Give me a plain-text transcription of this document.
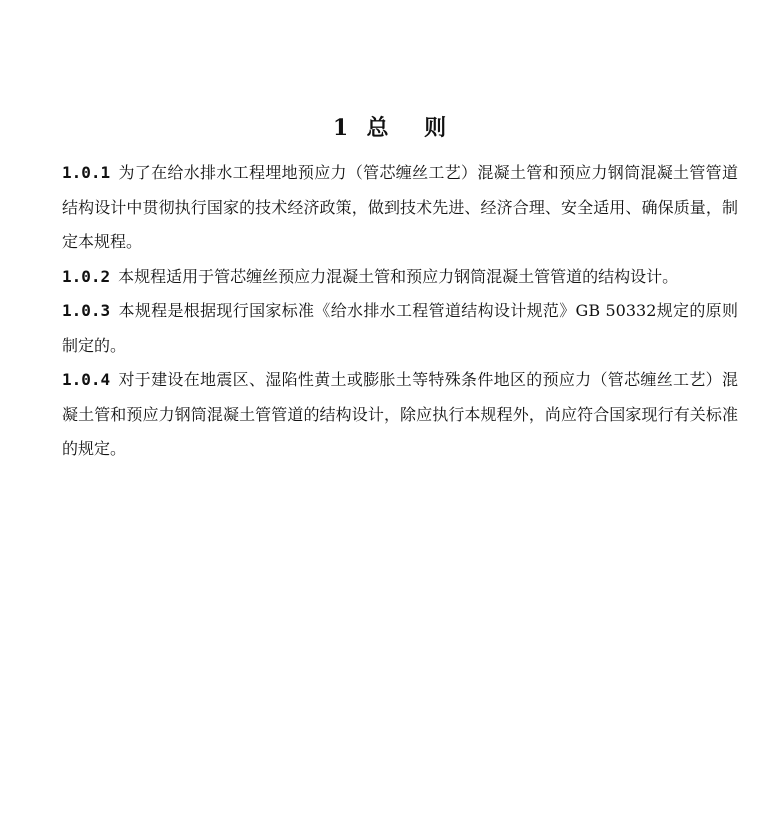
1  总    则

1.0.1 为了在给水排水工程埋地预应力（管芯缠丝工艺）混凝土管和预应力钢筒混凝土管管道结构设计中贯彻执行国家的技术经济政策，做到技术先进、经济合理、安全适用、确保质量，制定本规程。

1.0.2 本规程适用于管芯缠丝预应力混凝土管和预应力钢筒混凝土管管道的结构设计。

1.0.3 本规程是根据现行国家标准《给水排水工程管道结构设计规范》GB 50332规定的原则制定的。

1.0.4 对于建设在地震区、湿陷性黄土或膨胀土等特殊条件地区的预应力（管芯缠丝工艺）混凝土管和预应力钢筒混凝土管管道的结构设计，除应执行本规程外，尚应符合国家现行有关标准的规定。
